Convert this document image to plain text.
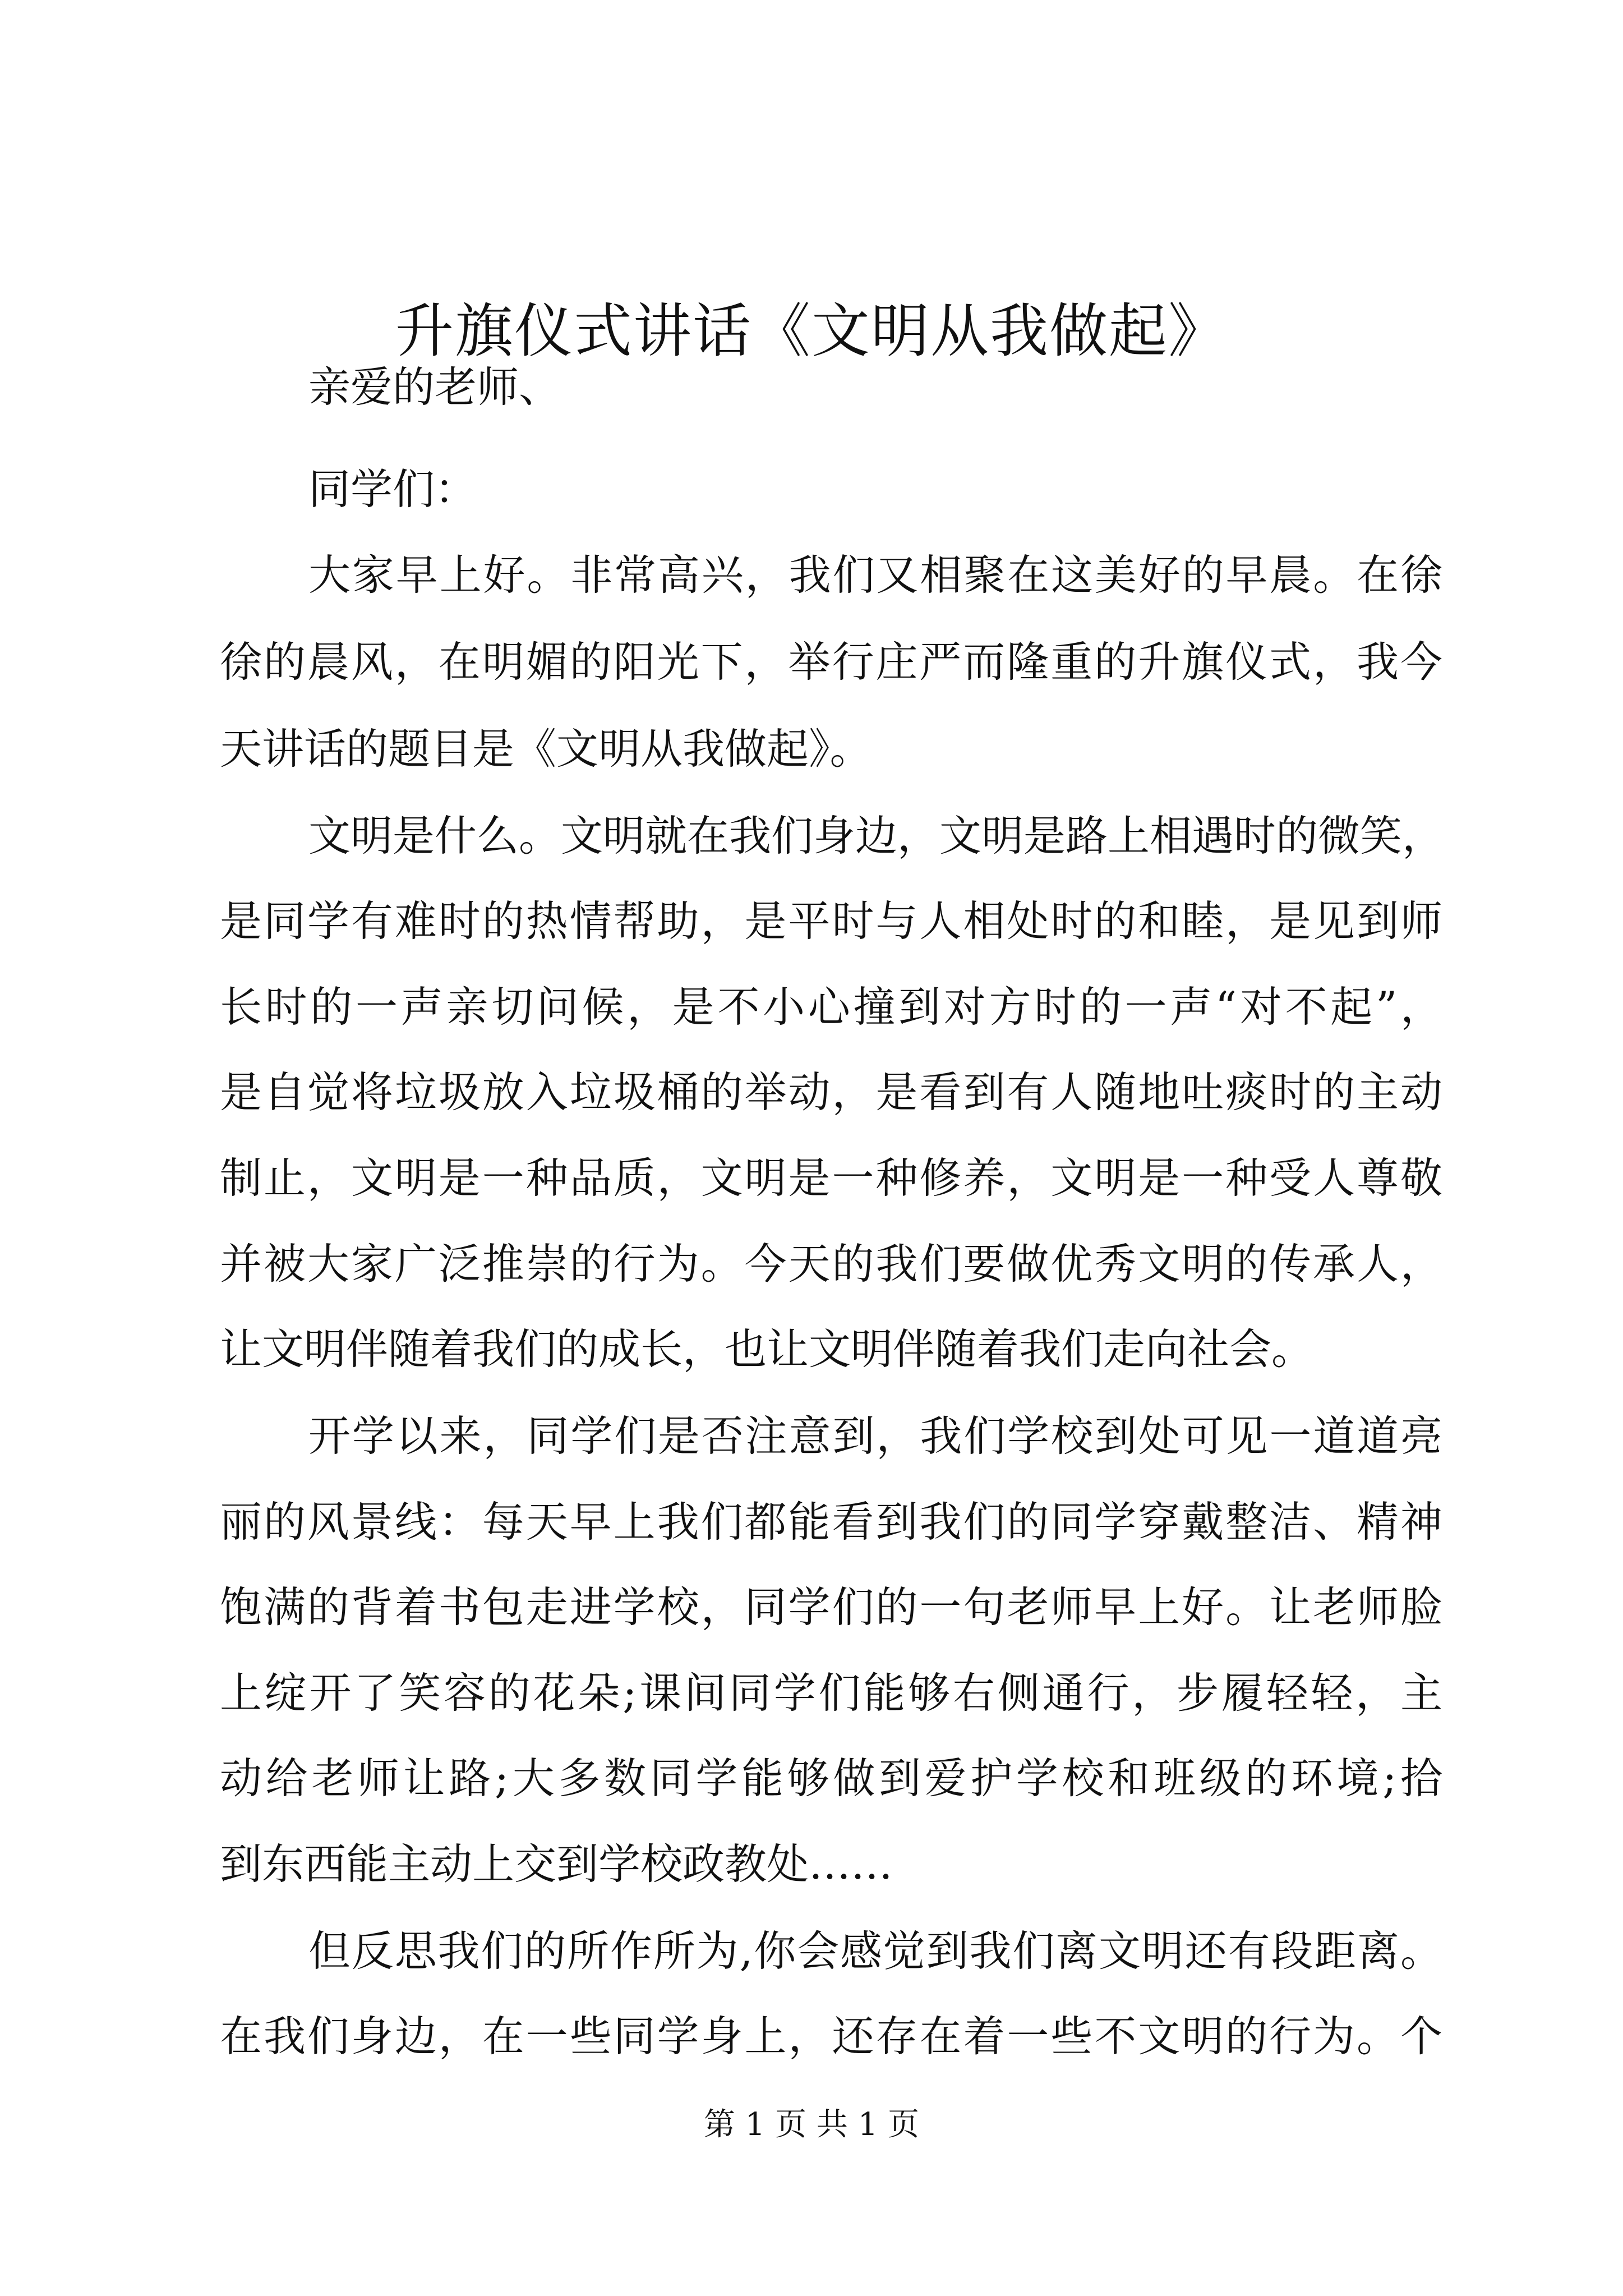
升旗仪式讲话《文明从我做起》

亲爱的老师、

同学们：

大家早上好。非常高兴，我们又相聚在这美好的早晨。在徐

徐的晨风，在明媚的阳光下，举行庄严而隆重的升旗仪式，我今

天讲话的题目是《文明从我做起》。

文明是什么。文明就在我们身边，文明是路上相遇时的微笑，

是同学有难时的热情帮助，是平时与人相处时的和睦，是见到师

长时的一声亲切问候，是不小心撞到对方时的一声“对不起”，

是自觉将垃圾放入垃圾桶的举动，是看到有人随地吐痰时的主动

制止，文明是一种品质，文明是一种修养，文明是一种受人尊敬

并被大家广泛推崇的行为。今天的我们要做优秀文明的传承人，

让文明伴随着我们的成长，也让文明伴随着我们走向社会。

开学以来，同学们是否注意到，我们学校到处可见一道道亮

丽的风景线：每天早上我们都能看到我们的同学穿戴整洁、精神

饱满的背着书包走进学校，同学们的一句老师早上好。让老师脸

上绽开了笑容的花朵;课间同学们能够右侧通行，步履轻轻，主

动给老师让路;大多数同学能够做到爱护学校和班级的环境;拾

到东西能主动上交到学校政教处……

但反思我们的所作所为,你会感觉到我们离文明还有段距离。

在我们身边，在一些同学身上，还存在着一些不文明的行为。个

第 1 页 共 1 页
